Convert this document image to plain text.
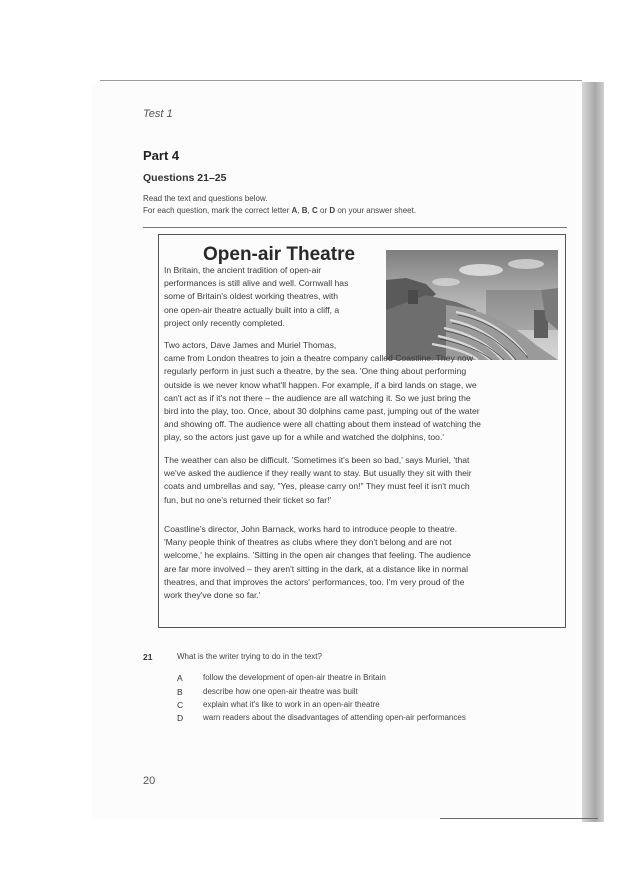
Test 1
Part 4
Questions 21–25
Read the text and questions below.
For each question, mark the correct letter A, B, C or D on your answer sheet.
Open-air Theatre
In Britain, the ancient tradition of open-air
performances is still alive and well. Cornwall has
some of Britain's oldest working theatres, with
one open-air theatre actually built into a cliff, a
project only recently completed.
Two actors, Dave James and Muriel Thomas,
came from London theatres to join a theatre company called Coastline. They now
regularly perform in just such a theatre, by the sea. 'One thing about performing
outside is we never know what'll happen. For example, if a bird lands on stage, we
can't act as if it's not there – the audience are all watching it. So we just bring the
bird into the play, too. Once, about 30 dolphins came past, jumping out of the water
and showing off. The audience were all chatting about them instead of watching the
play, so the actors just gave up for a while and watched the dolphins, too.'
The weather can also be difficult. 'Sometimes it's been so bad,' says Muriel, 'that
we've asked the audience if they really want to stay. But usually they sit with their
coats and umbrellas and say, "Yes, please carry on!" They must feel it isn't much
fun, but no one's returned their ticket so far!'
Coastline's director, John Barnack, works hard to introduce people to theatre.
'Many people think of theatres as clubs where they don't belong and are not
welcome,' he explains. 'Sitting in the open air changes that feeling. The audience
are far more involved – they aren't sitting in the dark, at a distance like in normal
theatres, and that improves the actors' performances, too. I'm very proud of the
work they've done so far.'
21	What is the writer trying to do in the text?
A	follow the development of open-air theatre in Britain
B	describe how one open-air theatre was built
C explain what it's like to work in an open-air theatre
D warn readers about the disadvantages of attending open-air performances
20
